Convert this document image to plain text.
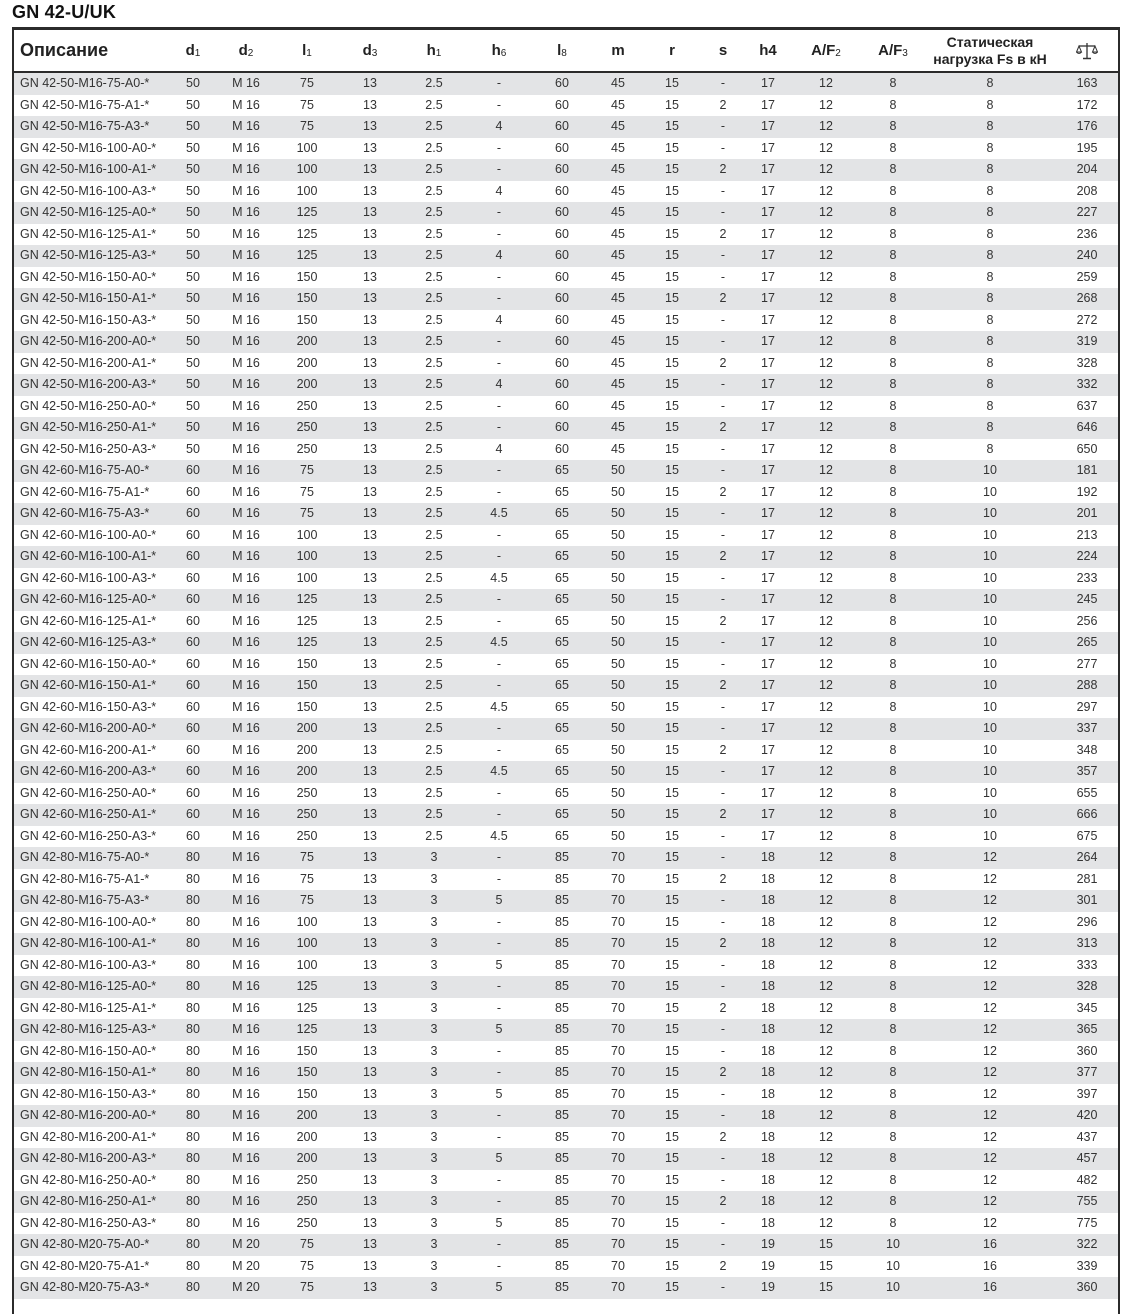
GN 42-U/UK
Описание	$d_1$	$d_2$	$l_1$	$d_3$	$h_1$	$h_6$	$l_8$	m	r	s	h4	$A/F_2$	$A/F_3$	Статическая нагрузка Fs в кН	
GN 42-50-M16-75-A0-*	50	M 16	75	13	2.5	-	60	45	15	-	17	12	8	8	163
GN 42-50-M16-75-A1-*	50	M 16	75	13	2.5	-	60	45	15	2	17	12	8	8	172
GN 42-50-M16-75-A3-*	50	M 16	75	13	2.5	4	60	45	15	-	17	12	8	8	176
GN 42-50-M16-100-A0-*	50	M 16	100	13	2.5	-	60	45	15	-	17	12	8	8	195
GN 42-50-M16-100-A1-*	50	M 16	100	13	2.5	-	60	45	15	2	17	12	8	8	204
GN 42-50-M16-100-A3-*	50	M 16	100	13	2.5	4	60	45	15	-	17	12	8	8	208
GN 42-50-M16-125-A0-*	50	M 16	125	13	2.5	-	60	45	15	-	17	12	8	8	227
GN 42-50-M16-125-A1-*	50	M 16	125	13	2.5	-	60	45	15	2	17	12	8	8	236
GN 42-50-M16-125-A3-*	50	M 16	125	13	2.5	4	60	45	15	-	17	12	8	8	240
GN 42-50-M16-150-A0-*	50	M 16	150	13	2.5	-	60	45	15	-	17	12	8	8	259
GN 42-50-M16-150-A1-*	50	M 16	150	13	2.5	-	60	45	15	2	17	12	8	8	268
GN 42-50-M16-150-A3-*	50	M 16	150	13	2.5	4	60	45	15	-	17	12	8	8	272
GN 42-50-M16-200-A0-*	50	M 16	200	13	2.5	-	60	45	15	-	17	12	8	8	319
GN 42-50-M16-200-A1-*	50	M 16	200	13	2.5	-	60	45	15	2	17	12	8	8	328
GN 42-50-M16-200-A3-*	50	M 16	200	13	2.5	4	60	45	15	-	17	12	8	8	332
GN 42-50-M16-250-A0-*	50	M 16	250	13	2.5	-	60	45	15	-	17	12	8	8	637
GN 42-50-M16-250-A1-*	50	M 16	250	13	2.5	-	60	45	15	2	17	12	8	8	646
GN 42-50-M16-250-A3-*	50	M 16	250	13	2.5	4	60	45	15	-	17	12	8	8	650
GN 42-60-M16-75-A0-*	60	M 16	75	13	2.5	-	65	50	15	-	17	12	8	10	181
GN 42-60-M16-75-A1-*	60	M 16	75	13	2.5	-	65	50	15	2	17	12	8	10	192
GN 42-60-M16-75-A3-*	60	M 16	75	13	2.5	4.5	65	50	15	-	17	12	8	10	201
GN 42-60-M16-100-A0-*	60	M 16	100	13	2.5	-	65	50	15	-	17	12	8	10	213
GN 42-60-M16-100-A1-*	60	M 16	100	13	2.5	-	65	50	15	2	17	12	8	10	224
GN 42-60-M16-100-A3-*	60	M 16	100	13	2.5	4.5	65	50	15	-	17	12	8	10	233
GN 42-60-M16-125-A0-*	60	M 16	125	13	2.5	-	65	50	15	-	17	12	8	10	245
GN 42-60-M16-125-A1-*	60	M 16	125	13	2.5	-	65	50	15	2	17	12	8	10	256
GN 42-60-M16-125-A3-*	60	M 16	125	13	2.5	4.5	65	50	15	-	17	12	8	10	265
GN 42-60-M16-150-A0-*	60	M 16	150	13	2.5	-	65	50	15	-	17	12	8	10	277
GN 42-60-M16-150-A1-*	60	M 16	150	13	2.5	-	65	50	15	2	17	12	8	10	288
GN 42-60-M16-150-A3-*	60	M 16	150	13	2.5	4.5	65	50	15	-	17	12	8	10	297
GN 42-60-M16-200-A0-*	60	M 16	200	13	2.5	-	65	50	15	-	17	12	8	10	337
GN 42-60-M16-200-A1-*	60	M 16	200	13	2.5	-	65	50	15	2	17	12	8	10	348
GN 42-60-M16-200-A3-*	60	M 16	200	13	2.5	4.5	65	50	15	-	17	12	8	10	357
GN 42-60-M16-250-A0-*	60	M 16	250	13	2.5	-	65	50	15	-	17	12	8	10	655
GN 42-60-M16-250-A1-*	60	M 16	250	13	2.5	-	65	50	15	2	17	12	8	10	666
GN 42-60-M16-250-A3-*	60	M 16	250	13	2.5	4.5	65	50	15	-	17	12	8	10	675
GN 42-80-M16-75-A0-*	80	M 16	75	13	3	-	85	70	15	-	18	12	8	12	264
GN 42-80-M16-75-A1-*	80	M 16	75	13	3	-	85	70	15	2	18	12	8	12	281
GN 42-80-M16-75-A3-*	80	M 16	75	13	3	5	85	70	15	-	18	12	8	12	301
GN 42-80-M16-100-A0-*	80	M 16	100	13	3	-	85	70	15	-	18	12	8	12	296
GN 42-80-M16-100-A1-*	80	M 16	100	13	3	-	85	70	15	2	18	12	8	12	313
GN 42-80-M16-100-A3-*	80	M 16	100	13	3	5	85	70	15	-	18	12	8	12	333
GN 42-80-M16-125-A0-*	80	M 16	125	13	3	-	85	70	15	-	18	12	8	12	328
GN 42-80-M16-125-A1-*	80	M 16	125	13	3	-	85	70	15	2	18	12	8	12	345
GN 42-80-M16-125-A3-*	80	M 16	125	13	3	5	85	70	15	-	18	12	8	12	365
GN 42-80-M16-150-A0-*	80	M 16	150	13	3	-	85	70	15	-	18	12	8	12	360
GN 42-80-M16-150-A1-*	80	M 16	150	13	3	-	85	70	15	2	18	12	8	12	377
GN 42-80-M16-150-A3-*	80	M 16	150	13	3	5	85	70	15	-	18	12	8	12	397
GN 42-80-M16-200-A0-*	80	M 16	200	13	3	-	85	70	15	-	18	12	8	12	420
GN 42-80-M16-200-A1-*	80	M 16	200	13	3	-	85	70	15	2	18	12	8	12	437
GN 42-80-M16-200-A3-*	80	M 16	200	13	3	5	85	70	15	-	18	12	8	12	457
GN 42-80-M16-250-A0-*	80	M 16	250	13	3	-	85	70	15	-	18	12	8	12	482
GN 42-80-M16-250-A1-*	80	M 16	250	13	3	-	85	70	15	2	18	12	8	12	755
GN 42-80-M16-250-A3-*	80	M 16	250	13	3	5	85	70	15	-	18	12	8	12	775
GN 42-80-M20-75-A0-*	80	M 20	75	13	3	-	85	70	15	-	19	15	10	16	322
GN 42-80-M20-75-A1-*	80	M 20	75	13	3	-	85	70	15	2	19	15	10	16	339
GN 42-80-M20-75-A3-*	80	M 20	75	13	3	5	85	70	15	-	19	15	10	16	360
